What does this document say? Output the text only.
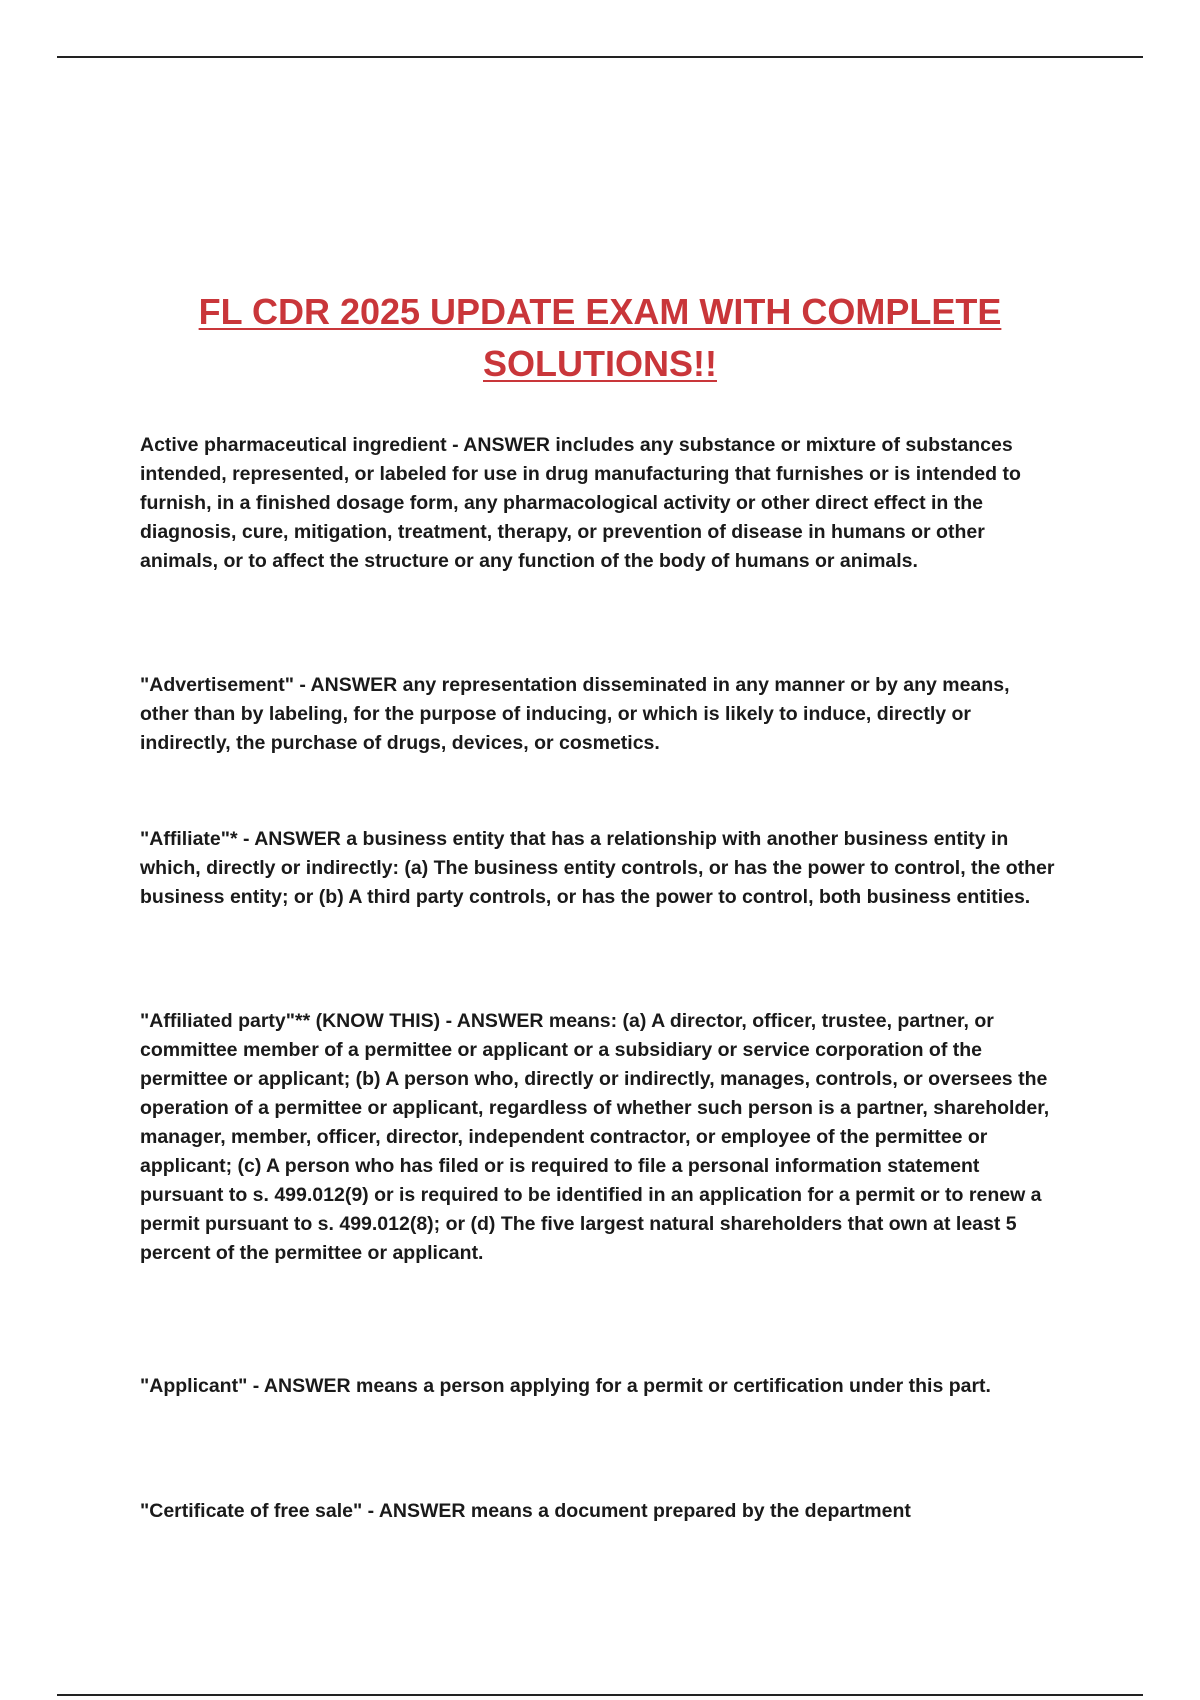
FL CDR 2025 UPDATE EXAM WITH COMPLETE SOLUTIONS!!

Active pharmaceutical ingredient - ANSWER includes any substance or mixture of substances intended, represented, or labeled for use in drug manufacturing that furnishes or is intended to furnish, in a finished dosage form, any pharmacological activity or other direct effect in the diagnosis, cure, mitigation, treatment, therapy, or prevention of disease in humans or other animals, or to affect the structure or any function of the body of humans or animals.

"Advertisement" - ANSWER any representation disseminated in any manner or by any means, other than by labeling, for the purpose of inducing, or which is likely to induce, directly or indirectly, the purchase of drugs, devices, or cosmetics.

"Affiliate"* - ANSWER a business entity that has a relationship with another business entity in which, directly or indirectly: (a) The business entity controls, or has the power to control, the other business entity; or (b) A third party controls, or has the power to control, both business entities.

"Affiliated party"** (KNOW THIS) - ANSWER means: (a) A director, officer, trustee, partner, or committee member of a permittee or applicant or a subsidiary or service corporation of the permittee or applicant; (b) A person who, directly or indirectly, manages, controls, or oversees the operation of a permittee or applicant, regardless of whether such person is a partner, shareholder, manager, member, officer, director, independent contractor, or employee of the permittee or applicant; (c) A person who has filed or is required to file a personal information statement pursuant to s. 499.012(9) or is required to be identified in an application for a permit or to renew a permit pursuant to s. 499.012(8); or (d) The five largest natural shareholders that own at least 5 percent of the permittee or applicant.

"Applicant" - ANSWER means a person applying for a permit or certification under this part.

"Certificate of free sale" - ANSWER means a document prepared by the department
